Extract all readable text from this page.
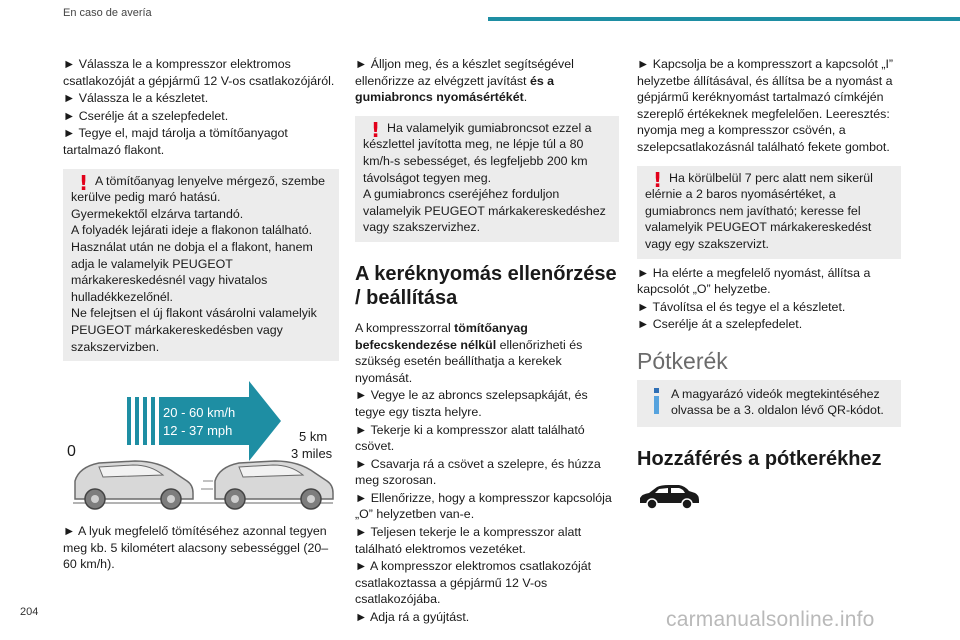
En caso de avería

► Válassza le a kompresszor elektromos csatlakozóját a gépjármű 12 V-os csatlakozójáról.

► Válassza le a készletet.

► Cserélje át a szelepfedelet.

► Tegye el, majd tárolja a tömítőanyagot tartalmazó flakont.

! A tömítőanyag lenyelve mérgező, szembe kerülve pedig maró hatású.

Gyermekektől elzárva tartandó.

A folyadék lejárati ideje a flakonon található.

Használat után ne dobja el a flakont, hanem adja le valamelyik PEUGEOT márkakereskedésnél vagy hivatalos hulladékkezelőnél.

Ne felejtsen el új flakont vásárolni valamelyik PEUGEOT márkakereskedésben vagy szakszervizben.

20 - 60 km/h
12 - 37 mph
0
5 km
3 miles

► A lyuk megfelelő tömítéséhez azonnal tegyen meg kb. 5 kilométert alacsony sebességgel (20–60 km/h).

► Álljon meg, és a készlet segítségével ellenőrizze az elvégzett javítást és a gumiabroncs nyomásértékét.

! Ha valamelyik gumiabroncsot ezzel a készlettel javította meg, ne lépje túl a 80 km/h-s sebességet, és legfeljebb 200 km távolságot tegyen meg.

A gumiabroncs cseréjéhez forduljon valamelyik PEUGEOT márkakereskedéshez vagy szakszervizhez.

A keréknyomás ellenőrzése / beállítása

A kompresszorral tömítőanyag befecskendezése nélkül ellenőrizheti és szükség esetén beállíthatja a kerekek nyomását.

► Vegye le az abroncs szelepsapkáját, és tegye egy tiszta helyre.

► Tekerje ki a kompresszor alatt található csövet.

► Csavarja rá a csövet a szelepre, és húzza meg szorosan.

► Ellenőrizze, hogy a kompresszor kapcsolója „O” helyzetben van-e.

► Teljesen tekerje le a kompresszor alatt található elektromos vezetéket.

► A kompresszor elektromos csatlakozóját csatlakoztassa a gépjármű 12 V-os csatlakozójába.

► Adja rá a gyújtást.

► Kapcsolja be a kompresszort a kapcsolót „I” helyzetbe állításával, és állítsa be a nyomást a gépjármű keréknyomást tartalmazó címkéjén szereplő értékeknek megfelelően. Leeresztés: nyomja meg a kompresszor csövén, a szelepcsatlakozásnál található fekete gombot.

! Ha körülbelül 7 perc alatt nem sikerül elérnie a 2 baros nyomásértéket, a gumiabroncs nem javítható; keresse fel valamelyik PEUGEOT márkakereskedést vagy egy szakszervizt.

► Ha elérte a megfelelő nyomást, állítsa a kapcsolót „O” helyzetbe.

► Távolítsa el és tegye el a készletet.

► Cserélje át a szelepfedelet.

Pótkerék

A magyarázó videók megtekintéséhez olvassa be a 3. oldalon lévő QR-kódot.

Hozzáférés a pótkerékhez
204	carmanualsonline.info
